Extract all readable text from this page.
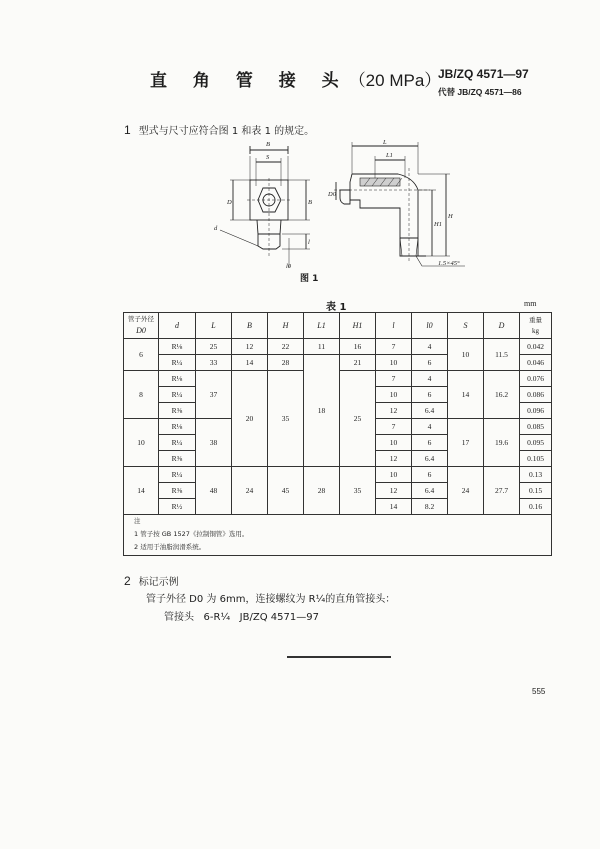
直 角 管 接 头（20 MPa）
JB/ZQ 4571—97
代替 JB/ZQ 4571—86
1 型式与尺寸应符合图 1 和表 1 的规定。
B
S
D	B
d
l
l0
L
L1
D0
H1
H
1.5×45°
图 1
表 1	mm
管子外径
D0	d	L	B	H	L1	H1	l	l0	S	D	重量
kg
6	R⅛	25	12	22	11	16	7	4	10	11.5	0.042
	R¼	33	14	28	18	21	10	6			0.046
8	R⅛	37	20	35		25	7	4	14	16.2	0.076
	R¼						10	6			0.086
	R⅜						12	6.4			0.096
10	R⅛	38					7	4	17	19.6	0.085
	R¼						10	6			0.095
	R⅜						12	6.4			0.105
14	R¼	48	24	45	28	35	10	6	24	27.7	0.13
	R⅜						12	6.4			0.15
	R½						14	8.2			0.16

注
1 管子按 GB 1527《拉制铜管》选用。
2 适用于油脂润滑系统。											
2 标记示例
管子外径 D0 为 6mm，连接螺纹为 R¼的直角管接头：
管接头   6-R¼   JB/ZQ 4571—97
555
